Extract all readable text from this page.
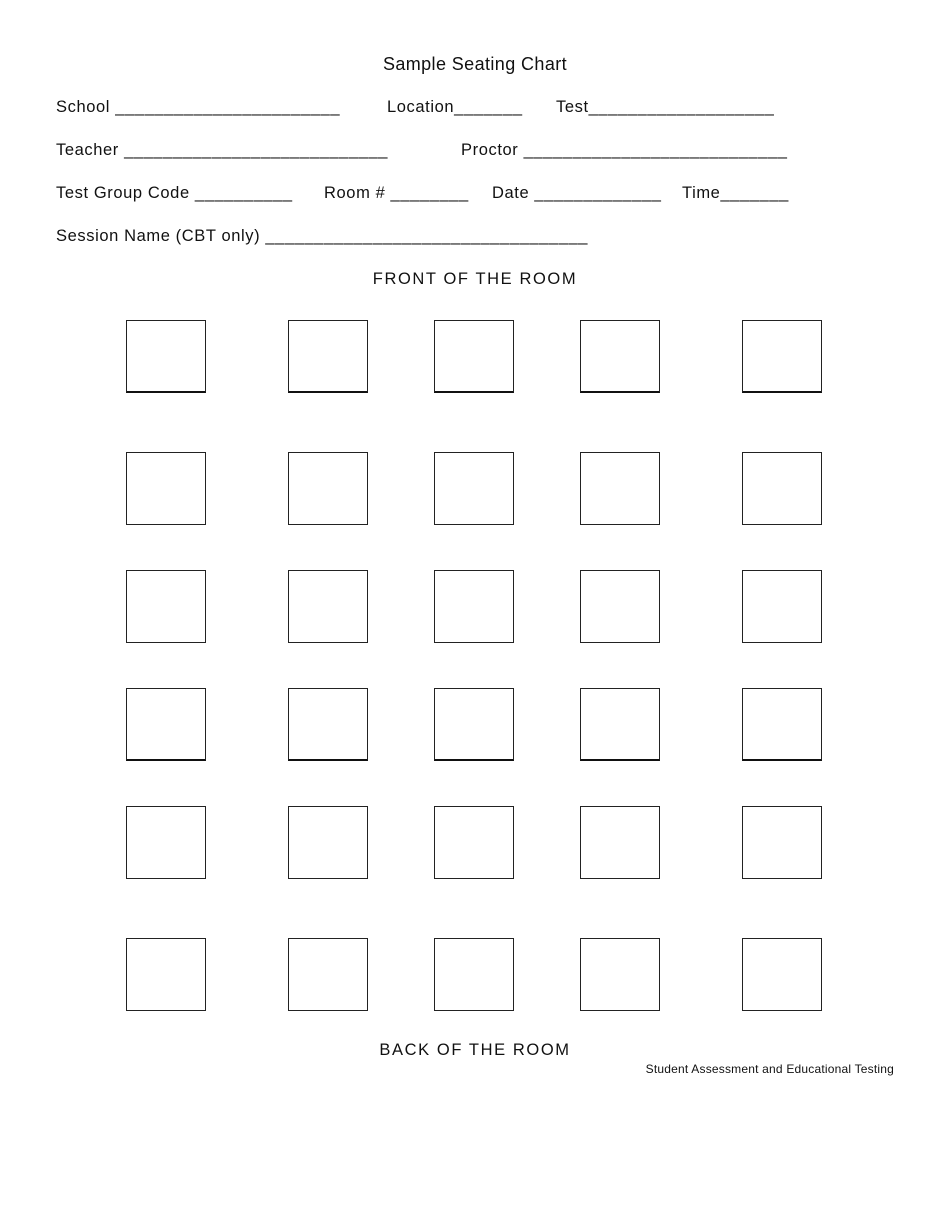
Sample Seating Chart
School _______________________	Location_______ Test___________________
Teacher ___________________________	Proctor ___________________________
Test Group Code __________ Room # ________ Date _____________ Time_______
Session Name (CBT only) _________________________________
FRONT OF THE ROOM
BACK OF THE ROOM
Student Assessment and Educational Testing
